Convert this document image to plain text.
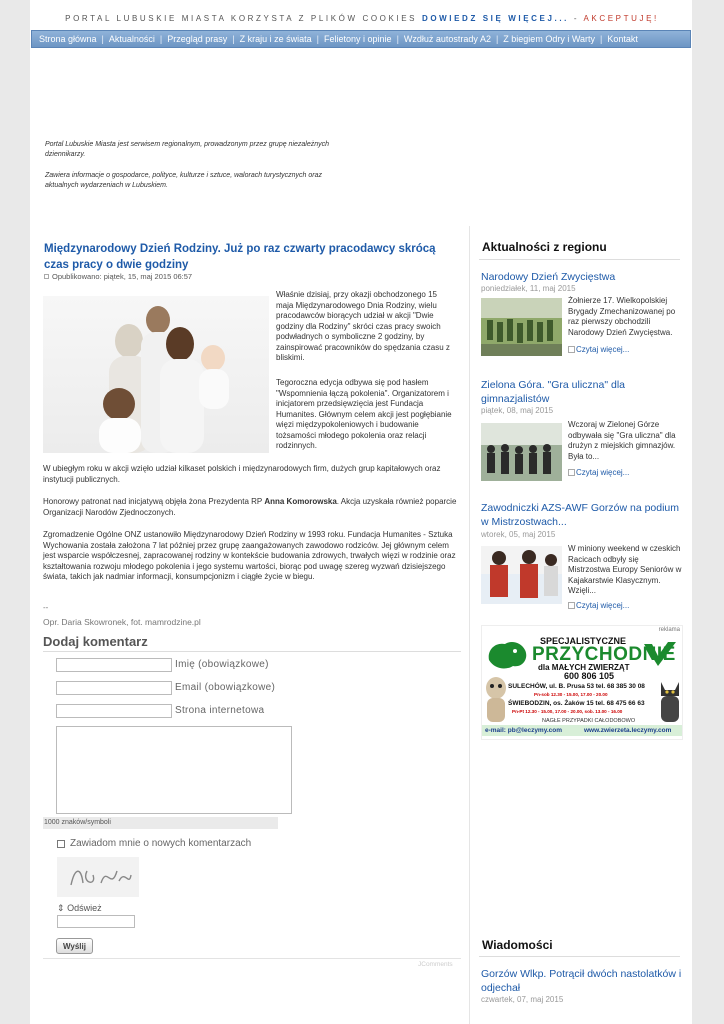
PORTAL LUBUSKIE MIASTA KORZYSTA Z PLIKÓW COOKIES DOWIEDZ SIĘ WIĘCEJ... - AKCEPTUJĘ!
Strona główna | Aktualności | Przegląd prasy | Z kraju i ze świata | Felietony i opinie | Wzdłuż autostrady A2 | Z biegiem Odry i Warty | Kontakt

Portal Lubuskie Miasta jest serwisem regionalnym, prowadzonym przez grupę niezależnych dziennikarzy.

Zawiera informacje o gospodarce, polityce, kulturze i sztuce, walorach turystycznych oraz aktualnych wydarzeniach w Lubuskiem.

Międzynarodowy Dzień Rodziny. Już po raz czwarty pracodawcy skrócą czas pracy o dwie godziny
Opublikowano: piątek, 15, maj 2015 06:57

Właśnie dzisiaj, przy okazji obchodzonego 15 maja Międzynarodowego Dnia Rodziny, wielu pracodawców biorących udział w akcji "Dwie godziny dla Rodziny" skróci czas pracy swoich podwładnych o symboliczne 2 godziny, by zainspirować pracowników do spędzania czasu z bliskimi.

Tegoroczna edycja odbywa się pod hasłem "Wspomnienia łączą pokolenia". Organizatorem i inicjatorem przedsięwzięcia jest Fundacja Humanites. Głównym celem akcji jest pogłębianie więzi międzypokoleniowych i budowanie tożsamości młodego pokolenia oraz relacji rodzinnych.

W ubiegłym roku w akcji wzięło udział kilkaset polskich i międzynarodowych firm, dużych grup kapitałowych oraz instytucji publicznych.

Honorowy patronat nad inicjatywą objęła żona Prezydenta RP Anna Komorowska. Akcja uzyskała również poparcie Organizacji Narodów Zjednoczonych.

Zgromadzenie Ogólne ONZ ustanowiło Międzynarodowy Dzień Rodziny w 1993 roku. Fundacja Humanites - Sztuka Wychowania została założona 7 lat później przez grupę zaangażowanych zawodowo rodziców. Jej głównym celem jest wsparcie współczesnej, zapracowanej rodziny w kontekście budowania zdrowych, trwałych więzi w rodzinie oraz kształtowania rozwoju młodego pokolenia i jego systemu wartości, biorąc pod uwagę szereg wyzwań dzisiejszego świata, takich jak nadmiar informacji, konsumpcjonizm i ciągłe życie w biegu.

--

Opr. Daria Skowronek, fot. mamrodzine.pl

Dodaj komentarz
Imię (obowiązkowe)
Email (obowiązkowe)
Strona internetowa
1000 znaków/symboli
Zawiadom mnie o nowych komentarzach
⇕ Odśwież
Wyślij
JComments
Aktualności z regionu
Narodowy Dzień Zwycięstwa
poniedziałek, 11, maj 2015

Żołnierze 17. Wielkopolskiej Brygady Zmechanizowanej po raz pierwszy obchodzili Narodowy Dzień Zwycięstwa.

Czytaj więcej...
Zielona Góra. "Gra uliczna" dla gimnazjalistów
piątek, 08, maj 2015

Wczoraj w Zielonej Górze odbywała się "Gra uliczna" dla drużyn z miejskich gimnazjów. Była to...

Czytaj więcej...
Zawodniczki AZS-AWF Gorzów na podium w Mistrzostwach...
wtorek, 05, maj 2015

W miniony weekend w czeskich Racicach odbyły się Mistrzostwa Europy Seniorów w Kajakarstwie Klasycznym. Wzięli...

Czytaj więcej...
reklama
SPECJALISTYCZNE
PRZYCHODNIE
dla MAŁYCH ZWIERZĄT
600 806 105
SULECHÓW, ul. B. Prusa 53 tel. 68 385 30 08
Pn-sob 12.30 - 15.00, 17.00 - 20.00
ŚWIEBODZIN, os. Żaków 15 tel. 68 475 66 63
Pn-Pt 12.30 - 15.00, 17.00 - 20.00, sob. 13.00 - 16.00
NAGŁE PRZYPADKI CAŁODOBOWO
e-mail: pb@leczymy.com	www.zwierzeta.leczymy.com
Wiadomości
Gorzów Wlkp. Potrącił dwóch nastolatków i odjechał
czwartek, 07, maj 2015
